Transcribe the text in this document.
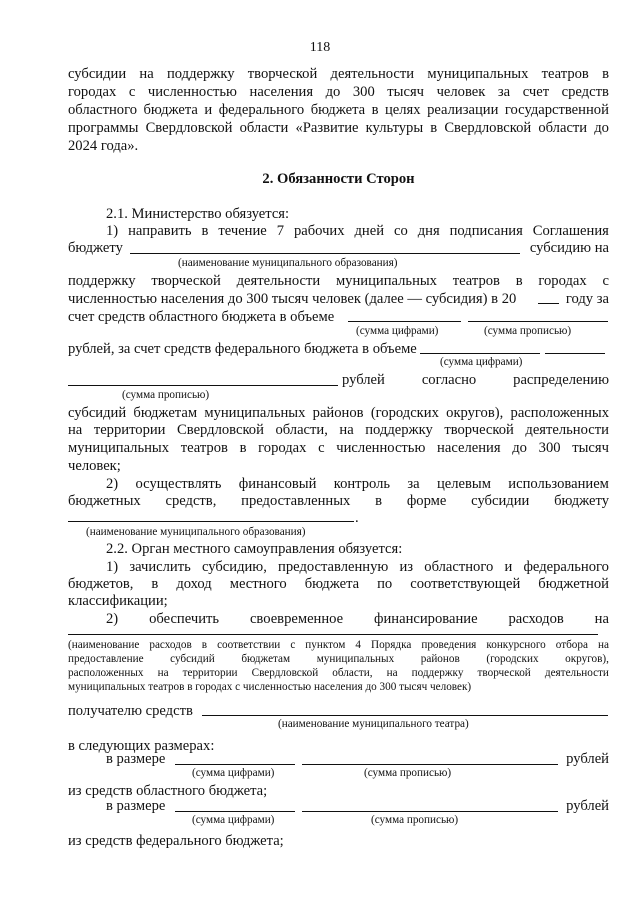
118
субсидии на поддержку творческой деятельности муниципальных театров в
городах с численностью населения до 300 тысяч человек за счет средств
областного бюджета и федерального бюджета в целях реализации государственной
программы Свердловской области «Развитие культуры в Свердловской области до
2024 года».
2. Обязанности Сторон
2.1. Министерство обязуется:
1) направить в течение 7 рабочих дней со дня подписания Соглашения
бюджету	субсидию на
(наименование муниципального образования)
поддержку творческой деятельности муниципальных театров в городах с
численностью населения до 300 тысяч человек (далее — субсидия) в 20	году за
счет средств областного бюджета в объеме
(сумма цифрами)	(сумма прописью)
рублей, за счет средств федерального бюджета в объеме
(сумма цифрами)
рублей	согласно	распределению
(сумма прописью)
субсидий бюджетам муниципальных районов (городских округов), расположенных
на территории Свердловской области, на поддержку творческой деятельности
муниципальных театров в городах с численностью населения до 300 тысяч
человек;
2) осуществлять финансовый контроль за целевым использованием
бюджетных средств, предоставленных в форме субсидии бюджету
.
(наименование муниципального образования)
2.2. Орган местного самоуправления обязуется:
1) зачислить субсидию, предоставленную из областного и федерального
бюджетов, в доход местного бюджета по соответствующей бюджетной
классификации;
2) обеспечить своевременное финансирование расходов на
(наименование расходов в соответствии с пунктом 4 Порядка проведения конкурсного отбора на
предоставление субсидий бюджетам муниципальных районов (городских округов),
расположенных на территории Свердловской области, на поддержку творческой деятельности
муниципальных театров в городах с численностью населения до 300 тысяч человек)
получателю средств
(наименование муниципального театра)
в следующих размерах:
в размере	рублей
(сумма цифрами)	(сумма прописью)
из средств областного бюджета;
в размере	рублей
(сумма цифрами)	(сумма прописью)
из средств федерального бюджета;
